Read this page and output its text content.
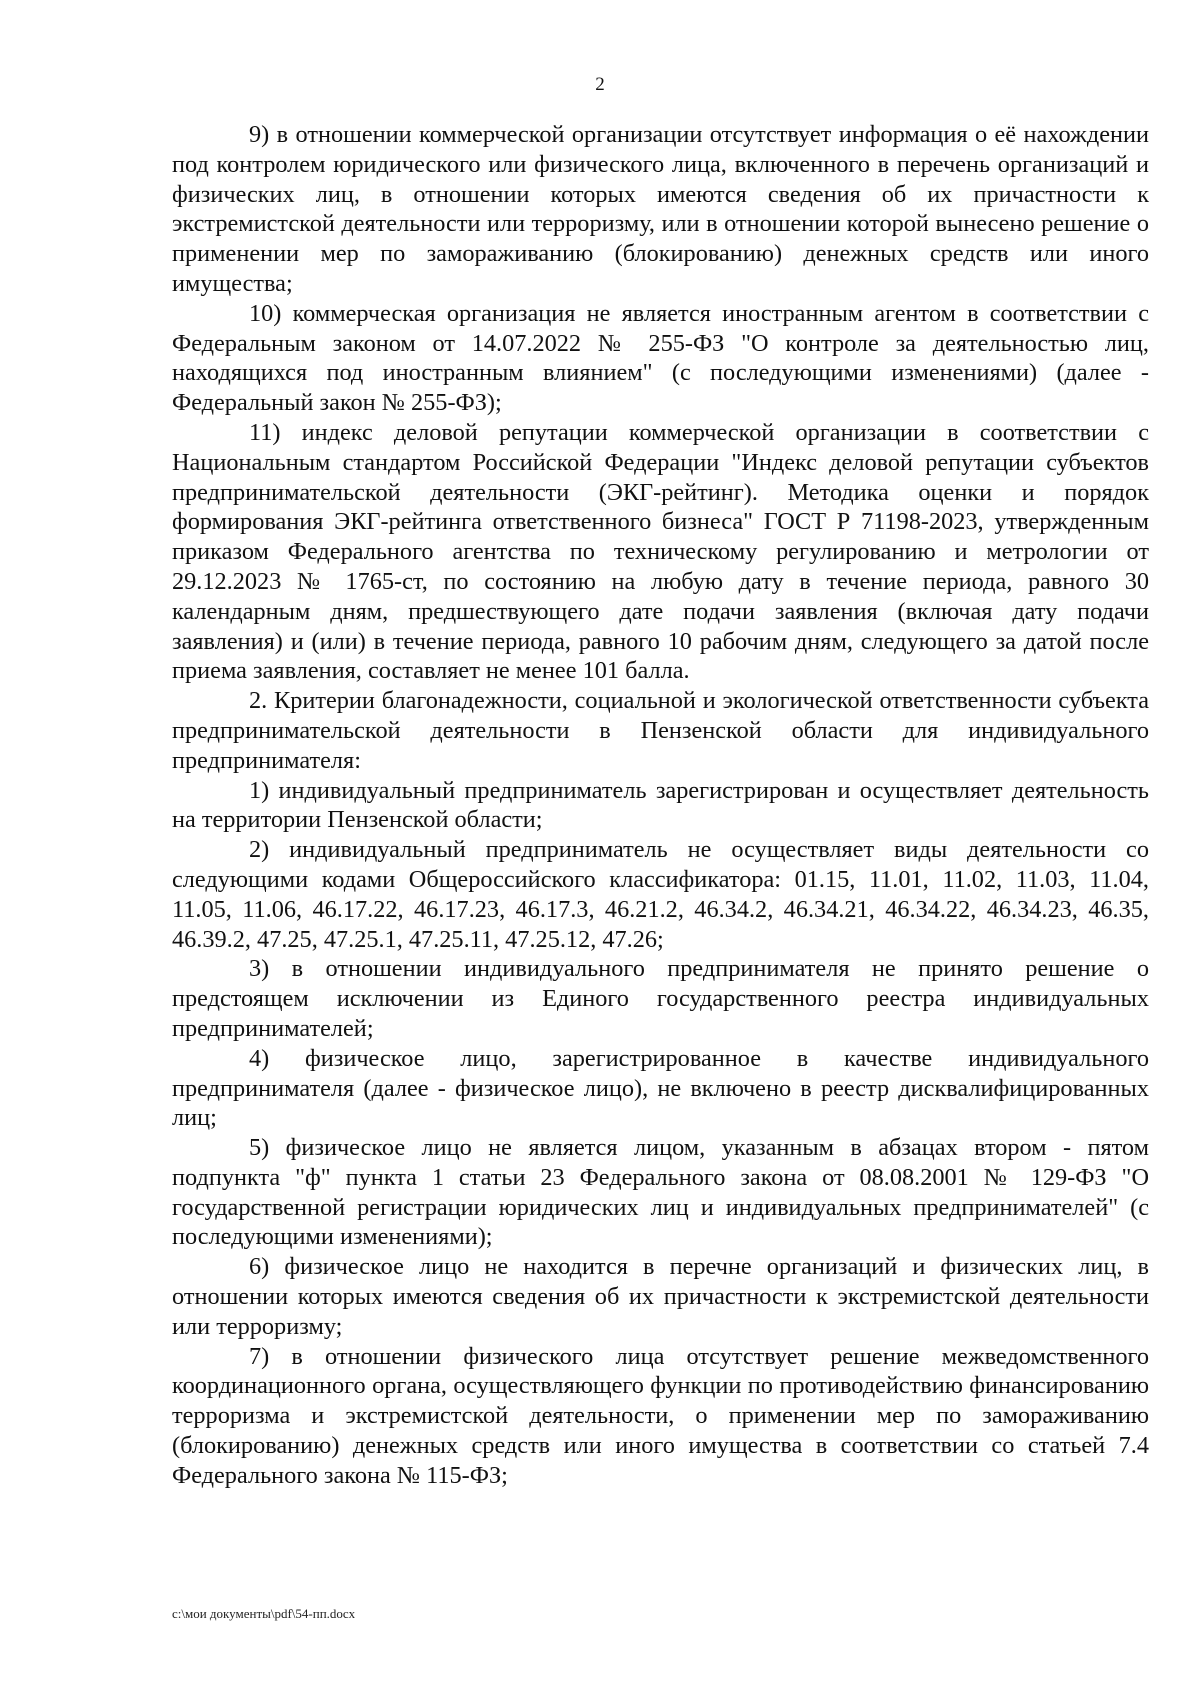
2

9) в отношении коммерческой организации отсутствует информация о её нахождении под контролем юридического или физического лица, включенного в перечень организаций и физических лиц, в отношении которых имеются сведения об их причастности к экстремистской деятельности или терроризму, или в отношении которой вынесено решение о применении мер по замораживанию (блокированию) денежных средств или иного имущества;

10) коммерческая организация не является иностранным агентом в соответствии с Федеральным законом от 14.07.2022 № 255-ФЗ "О контроле за деятельностью лиц, находящихся под иностранным влиянием" (с последующими изменениями) (далее - Федеральный закон № 255-ФЗ);

11) индекс деловой репутации коммерческой организации в соответствии с Национальным стандартом Российской Федерации "Индекс деловой репутации субъектов предпринимательской деятельности (ЭКГ-рейтинг). Методика оценки и порядок формирования ЭКГ-рейтинга ответственного бизнеса" ГОСТ Р 71198-2023, утвержденным приказом Федерального агентства по техническому регулированию и метрологии от 29.12.2023 № 1765-ст, по состоянию на любую дату в течение периода, равного 30 календарным дням, предшествующего дате подачи заявления (включая дату подачи заявления) и (или) в течение периода, равного 10 рабочим дням, следующего за датой после приема заявления, составляет не менее 101 балла.

2. Критерии благонадежности, социальной и экологической ответственности субъекта предпринимательской деятельности в Пензенской области для индивидуального предпринимателя:

1) индивидуальный предприниматель зарегистрирован и осуществляет деятельность на территории Пензенской области;

2) индивидуальный предприниматель не осуществляет виды деятельности со следующими кодами Общероссийского классификатора: 01.15, 11.01, 11.02, 11.03, 11.04, 11.05, 11.06, 46.17.22, 46.17.23, 46.17.3, 46.21.2, 46.34.2, 46.34.21, 46.34.22, 46.34.23, 46.35, 46.39.2, 47.25, 47.25.1, 47.25.11, 47.25.12, 47.26;

3) в отношении индивидуального предпринимателя не принято решение о предстоящем исключении из Единого государственного реестра индивидуальных предпринимателей;

4) физическое лицо, зарегистрированное в качестве индивидуального предпринимателя (далее - физическое лицо), не включено в реестр дисквалифицированных лиц;

5) физическое лицо не является лицом, указанным в абзацах втором - пятом подпункта "ф" пункта 1 статьи 23 Федерального закона от 08.08.2001 № 129-ФЗ "О государственной регистрации юридических лиц и индивидуальных предпринимателей" (с последующими изменениями);

6) физическое лицо не находится в перечне организаций и физических лиц, в отношении которых имеются сведения об их причастности к экстремистской деятельности или терроризму;

7) в отношении физического лица отсутствует решение межведомственного координационного органа, осуществляющего функции по противодействию финансированию терроризма и экстремистской деятельности, о применении мер по замораживанию (блокированию) денежных средств или иного имущества в соответствии со статьей 7.4 Федерального закона № 115-ФЗ;

c:\мои документы\pdf\54-пп.docx
